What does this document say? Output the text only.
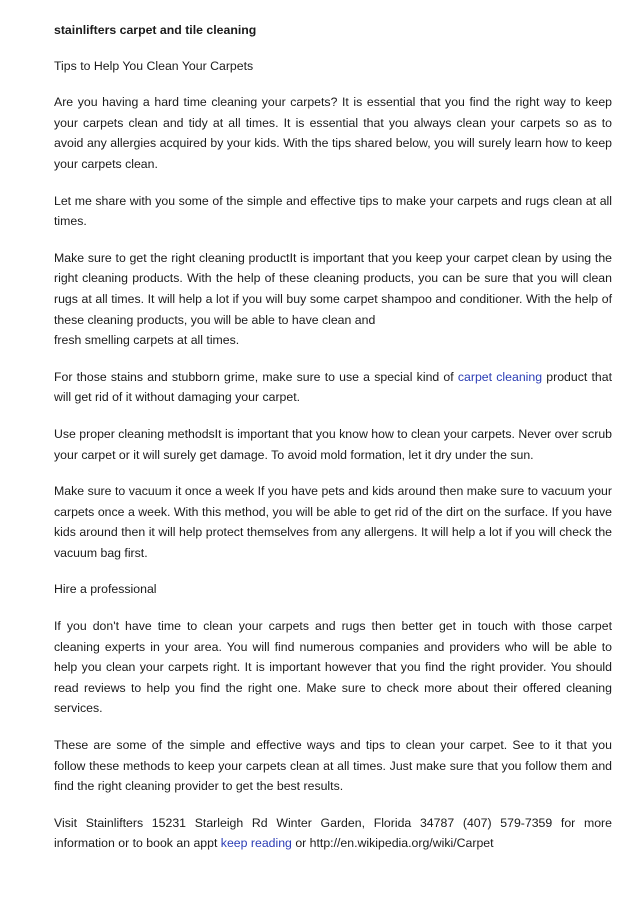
stainlifters carpet and tile cleaning

Tips to Help You Clean Your Carpets

Are you having a hard time cleaning your carpets? It is essential that you find the right way to keep your carpets clean and tidy at all times. It is essential that you always clean your carpets so as to avoid any allergies acquired by your kids. With the tips shared below, you will surely learn how to keep your carpets clean.

Let me share with you some of the simple and effective tips to make your carpets and rugs clean at all times.

Make sure to get the right cleaning productIt is important that you keep your carpet clean by using the right cleaning products. With the help of these cleaning products, you can be sure that you will clean rugs at all times. It will help a lot if you will buy some carpet shampoo and conditioner. With the help of these cleaning products, you will be able to have clean and

fresh smelling carpets at all times.

For those stains and stubborn grime, make sure to use a special kind of carpet cleaning product that will get rid of it without damaging your carpet.

Use proper cleaning methodsIt is important that you know how to clean your carpets. Never over scrub your carpet or it will surely get damage. To avoid mold formation, let it dry under the sun.

Make sure to vacuum it once a week If you have pets and kids around then make sure to vacuum your carpets once a week. With this method, you will be able to get rid of the dirt on the surface. If you have kids around then it will help protect themselves from any allergens. It will help a lot if you will check the vacuum bag first.

Hire a professional

If you don't have time to clean your carpets and rugs then better get in touch with those carpet cleaning experts in your area. You will find numerous companies and providers who will be able to help you clean your carpets right. It is important however that you find the right provider. You should read reviews to help you find the right one. Make sure to check more about their offered cleaning services.

These are some of the simple and effective ways and tips to clean your carpet. See to it that you follow these methods to keep your carpets clean at all times. Just make sure that you follow them and find the right cleaning provider to get the best results.

Visit Stainlifters 15231 Starleigh Rd Winter Garden, Florida 34787 (407) 579-7359 for more information or to book an appt keep reading or http://en.wikipedia.org/wiki/Carpet
